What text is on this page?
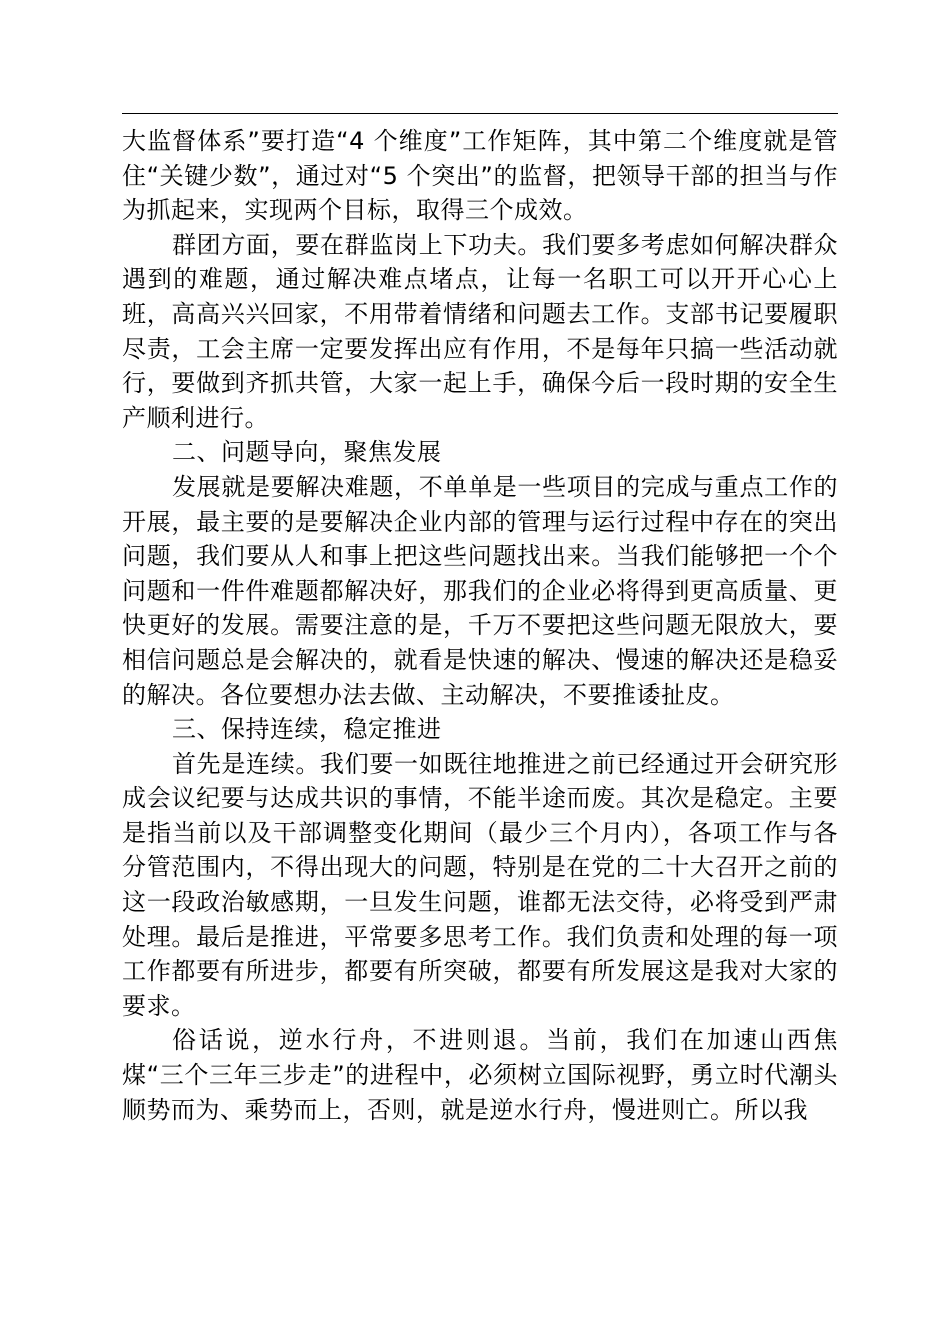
大监督体系”要打造“4 个维度”工作矩阵，其中第二个维度就是管住“关键少数”，通过对“5 个突出”的监督，把领导干部的担当与作为抓起来，实现两个目标，取得三个成效。

群团方面，要在群监岗上下功夫。我们要多考虑如何解决群众遇到的难题，通过解决难点堵点，让每一名职工可以开开心心上班，高高兴兴回家，不用带着情绪和问题去工作。支部书记要履职尽责，工会主席一定要发挥出应有作用，不是每年只搞一些活动就行，要做到齐抓共管，大家一起上手，确保今后一段时期的安全生产顺利进行。

二、问题导向，聚焦发展

发展就是要解决难题，不单单是一些项目的完成与重点工作的开展，最主要的是要解决企业内部的管理与运行过程中存在的突出问题，我们要从人和事上把这些问题找出来。当我们能够把一个个问题和一件件难题都解决好，那我们的企业必将得到更高质量、更快更好的发展。需要注意的是，千万不要把这些问题无限放大，要相信问题总是会解决的，就看是快速的解决、慢速的解决还是稳妥的解决。各位要想办法去做、主动解决，不要推诿扯皮。

三、保持连续，稳定推进

首先是连续。我们要一如既往地推进之前已经通过开会研究形成会议纪要与达成共识的事情，不能半途而废。其次是稳定。主要是指当前以及干部调整变化期间（最少三个月内），各项工作与各分管范围内，不得出现大的问题，特别是在党的二十大召开之前的这一段政治敏感期，一旦发生问题，谁都无法交待，必将受到严肃处理。最后是推进，平常要多思考工作。我们负责和处理的每一项工作都要有所进步，都要有所突破，都要有所发展这是我对大家的要求。

俗话说，逆水行舟，不进则退。当前，我们在加速山西焦煤“三个三年三步走”的进程中，必须树立国际视野，勇立时代潮头顺势而为、乘势而上，否则，就是逆水行舟，慢进则亡。所以我
